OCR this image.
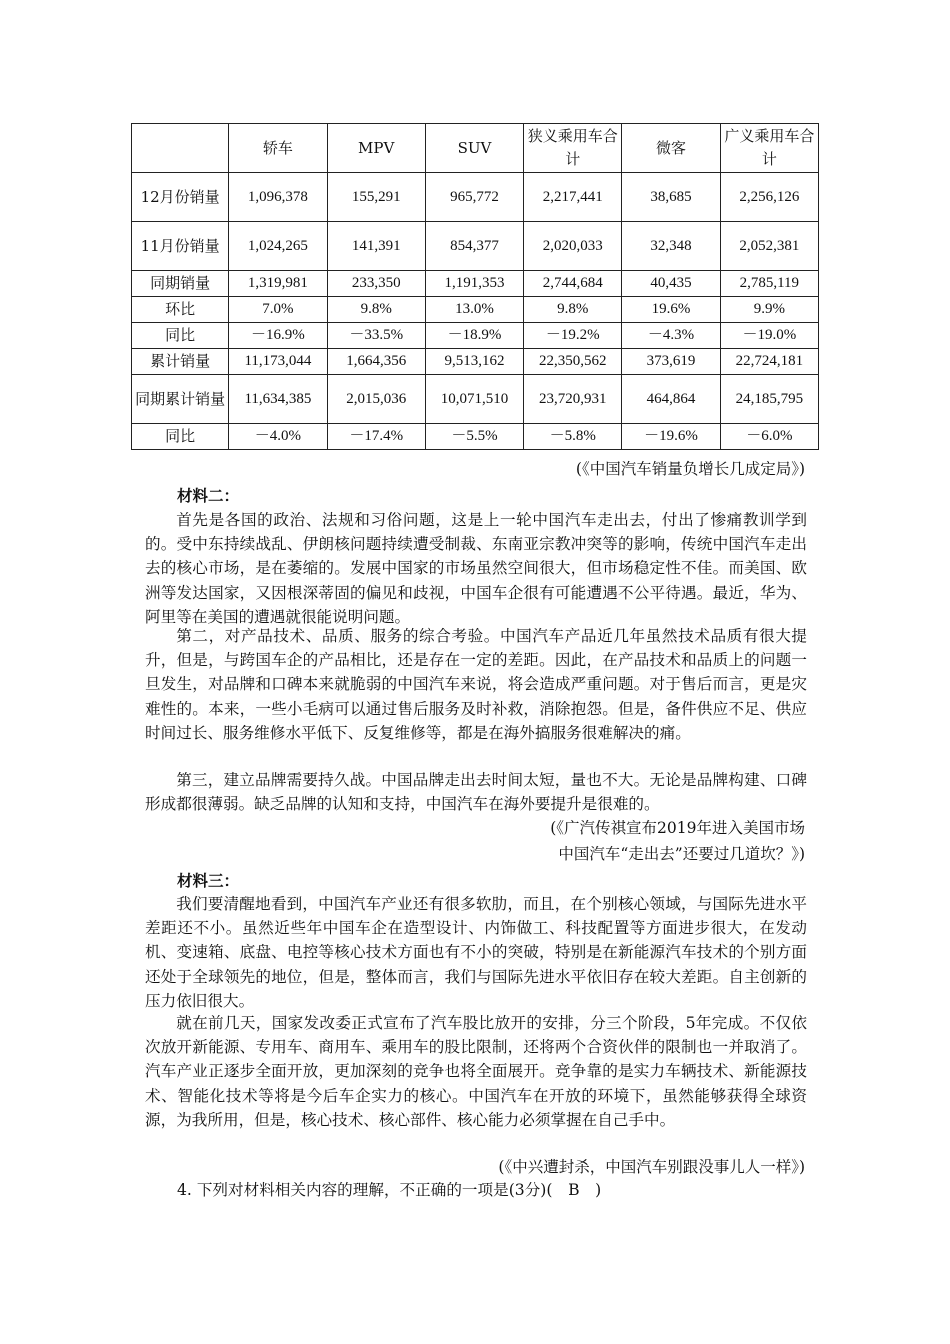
	轿车	MPV	SUV	狭义乘用车合计	微客	广义乘用车合计
12月份销量	1,096,378	155,291	965,772	2,217,441	38,685	2,256,126
11月份销量	1,024,265	141,391	854,377	2,020,033	32,348	2,052,381
同期销量	1,319,981	233,350	1,191,353	2,744,684	40,435	2,785,119
环比	7.0%	9.8%	13.0%	9.8%	19.6%	9.9%
同比	－16.9%	－33.5%	－18.9%	－19.2%	－4.3%	－19.0%
累计销量	11,173,044	1,664,356	9,513,162	22,350,562	373,619	22,724,181
同期累计销量	11,634,385	2,015,036	10,071,510	23,720,931	464,864	24,185,795
同比	－4.0%	－17.4%	－5.5%	－5.8%	－19.6%	－6.0%
(《中国汽车销量负增长几成定局》)
材料二：

首先是各国的政治、法规和习俗问题，这是上一轮中国汽车走出去，付出了惨痛教训学到的。受中东持续战乱、伊朗核问题持续遭受制裁、东南亚宗教冲突等的影响，传统中国汽车走出去的核心市场，是在萎缩的。发展中国家的市场虽然空间很大，但市场稳定性不佳。而美国、欧洲等发达国家，又因根深蒂固的偏见和歧视，中国车企很有可能遭遇不公平待遇。最近，华为、阿里等在美国的遭遇就很能说明问题。

第二，对产品技术、品质、服务的综合考验。中国汽车产品近几年虽然技术品质有很大提升，但是，与跨国车企的产品相比，还是存在一定的差距。因此，在产品技术和品质上的问题一旦发生，对品牌和口碑本来就脆弱的中国汽车来说，将会造成严重问题。对于售后而言，更是灾难性的。本来，一些小毛病可以通过售后服务及时补救，消除抱怨。但是，备件供应不足、供应时间过长、服务维修水平低下、反复维修等，都是在海外搞服务很难解决的痛。

第三，建立品牌需要持久战。中国品牌走出去时间太短，量也不大。无论是品牌构建、口碑形成都很薄弱。缺乏品牌的认知和支持，中国汽车在海外要提升是很难的。

(《广汽传祺宣布2019年进入美国市场
中国汽车“走出去”还要过几道坎？》)
材料三：

我们要清醒地看到，中国汽车产业还有很多软肋，而且，在个别核心领域，与国际先进水平差距还不小。虽然近些年中国车企在造型设计、内饰做工、科技配置等方面进步很大，在发动机、变速箱、底盘、电控等核心技术方面也有不小的突破，特别是在新能源汽车技术的个别方面还处于全球领先的地位，但是，整体而言，我们与国际先进水平依旧存在较大差距。自主创新的压力依旧很大。

就在前几天，国家发改委正式宣布了汽车股比放开的安排，分三个阶段，5年完成。不仅依次放开新能源、专用车、商用车、乘用车的股比限制，还将两个合资伙伴的限制也一并取消了。汽车产业正逐步全面开放，更加深刻的竞争也将全面展开。竞争靠的是实力车辆技术、新能源技术、智能化技术等将是今后车企实力的核心。中国汽车在开放的环境下，虽然能够获得全球资源，为我所用，但是，核心技术、核心部件、核心能力必须掌握在自己手中。

(《中兴遭封杀，中国汽车别跟没事儿人一样》)
4. 下列对材料相关内容的理解，不正确的一项是(3分)(　B　)
